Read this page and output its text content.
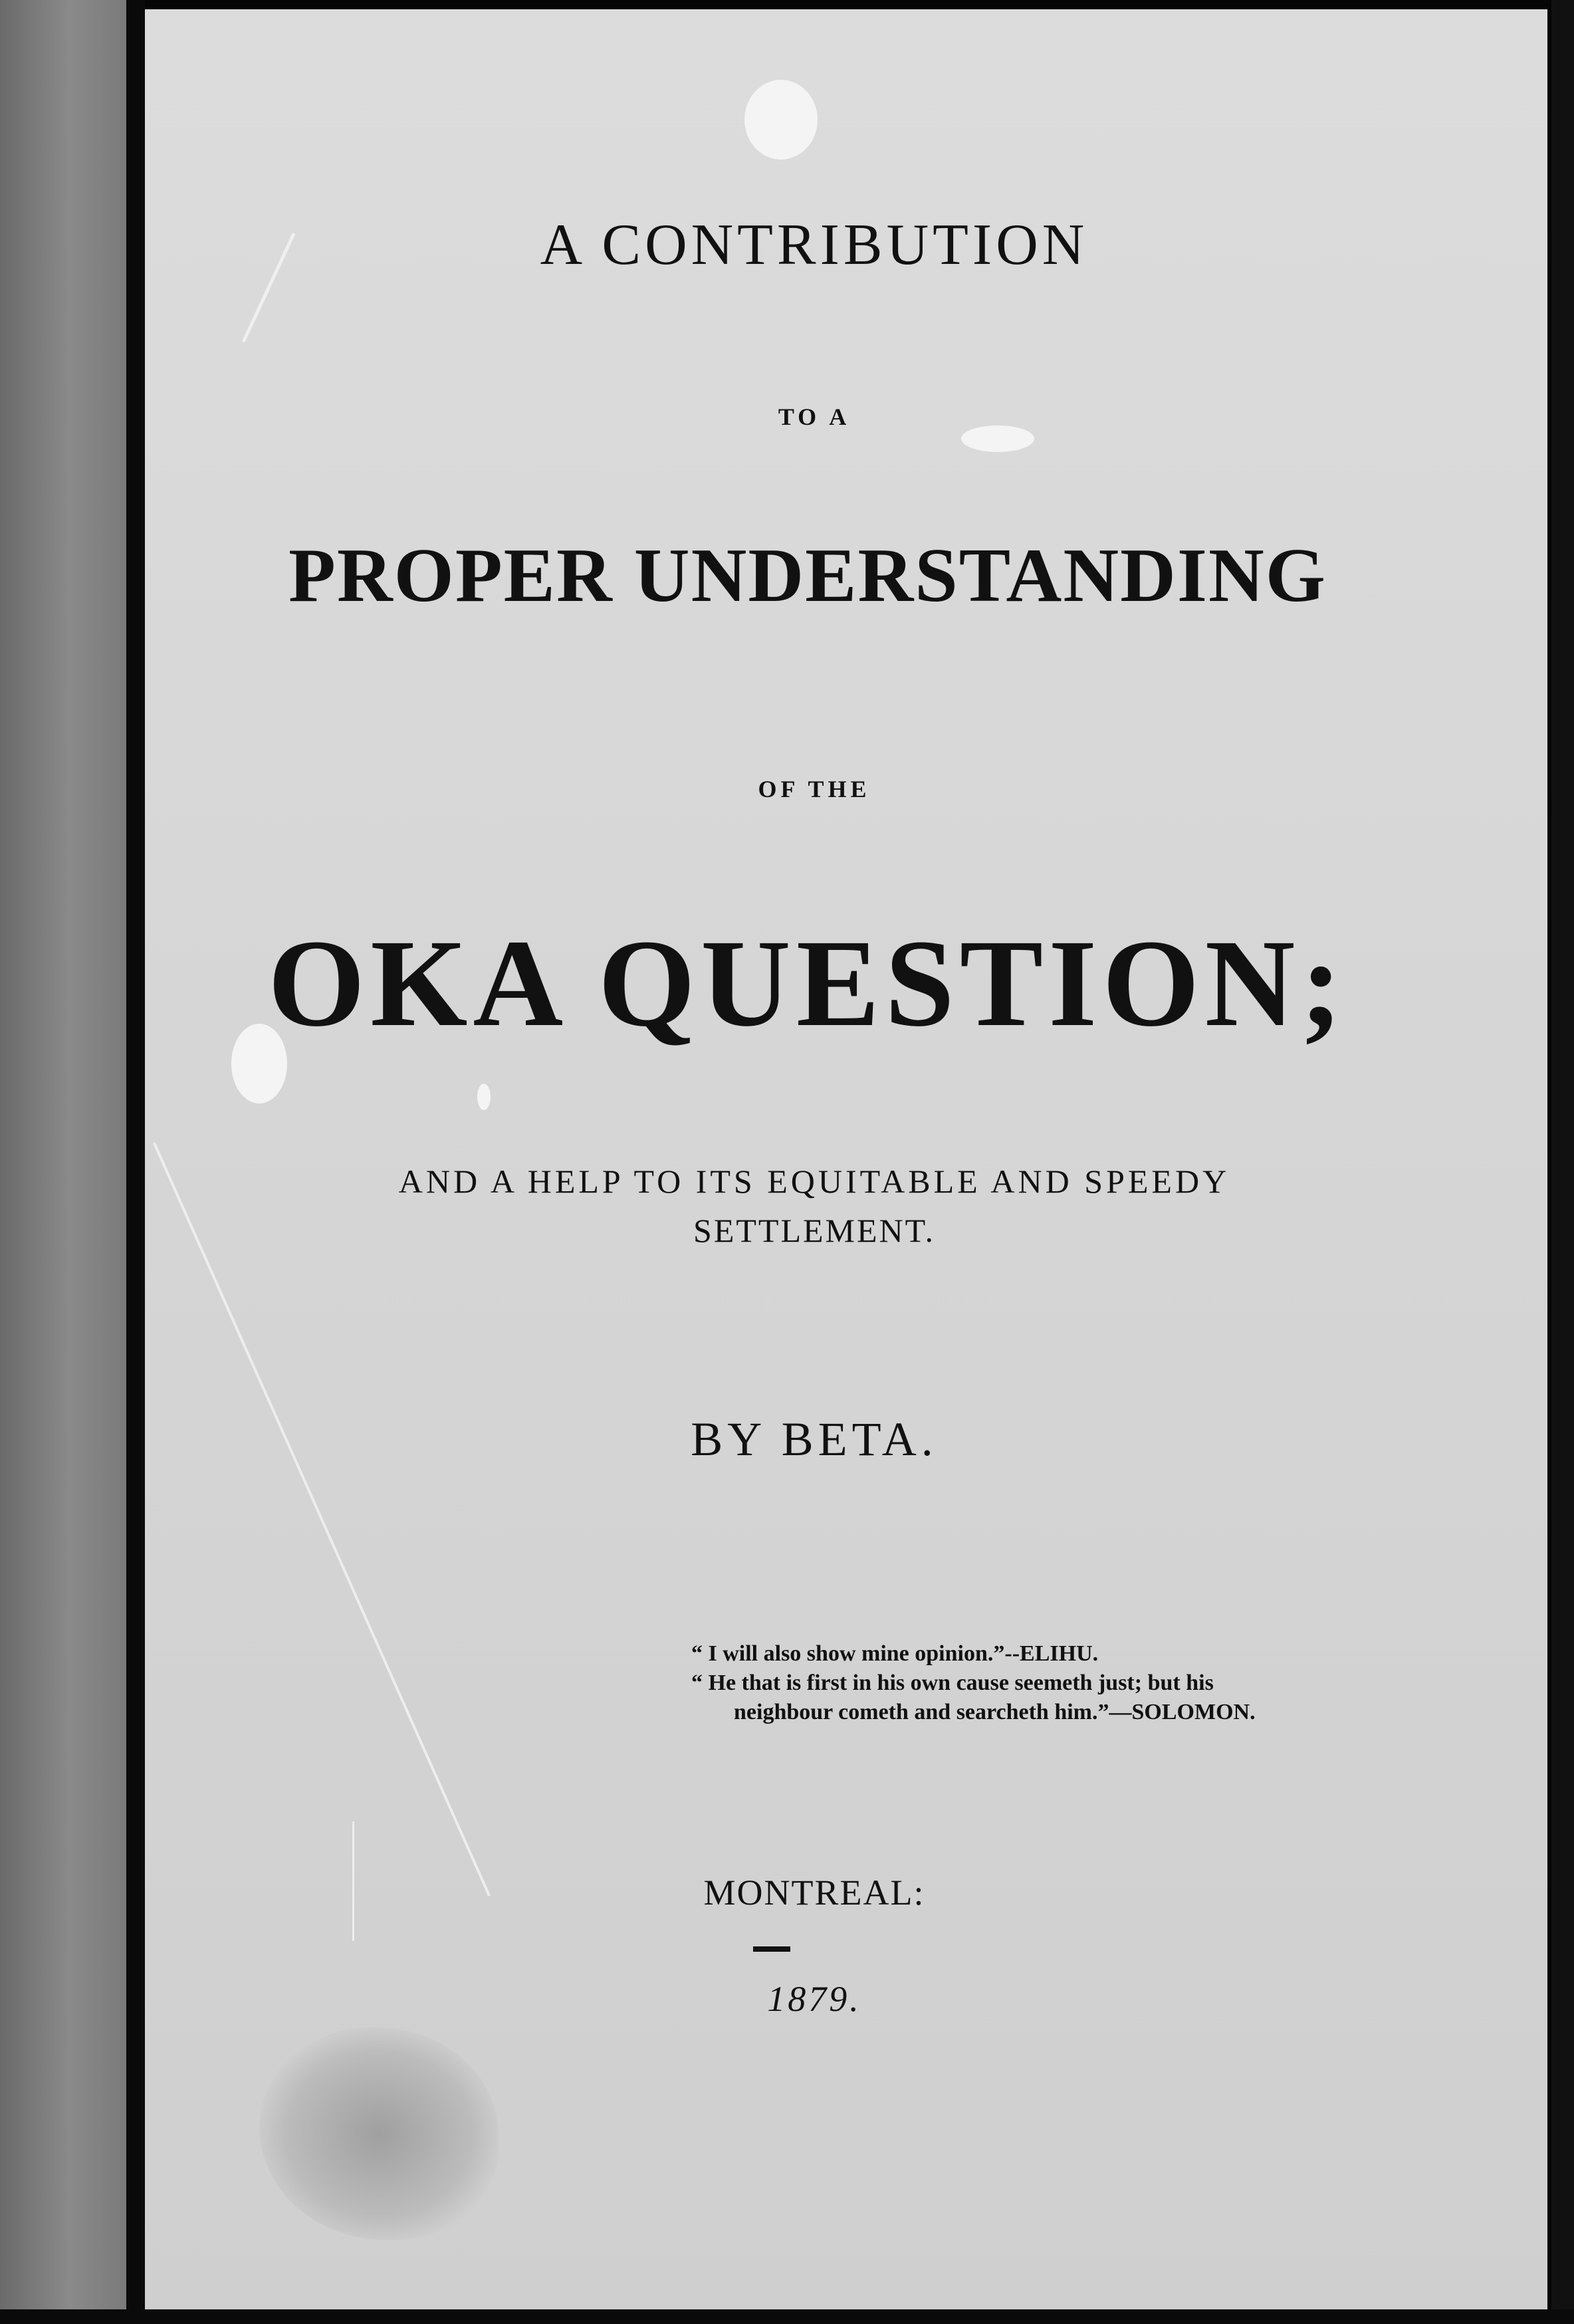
A CONTRIBUTION
TO A
PROPER UNDERSTANDING
OF THE
OKA QUESTION;
AND A HELP TO ITS EQUITABLE AND SPEEDY
SETTLEMENT.
BY BETA.

“ I will also show mine opinion.”--ELIHU.

“ He that is first in his own cause seemeth just; but his

neighbour cometh and searcheth him.”—SOLOMON.

MONTREAL:
1879.
